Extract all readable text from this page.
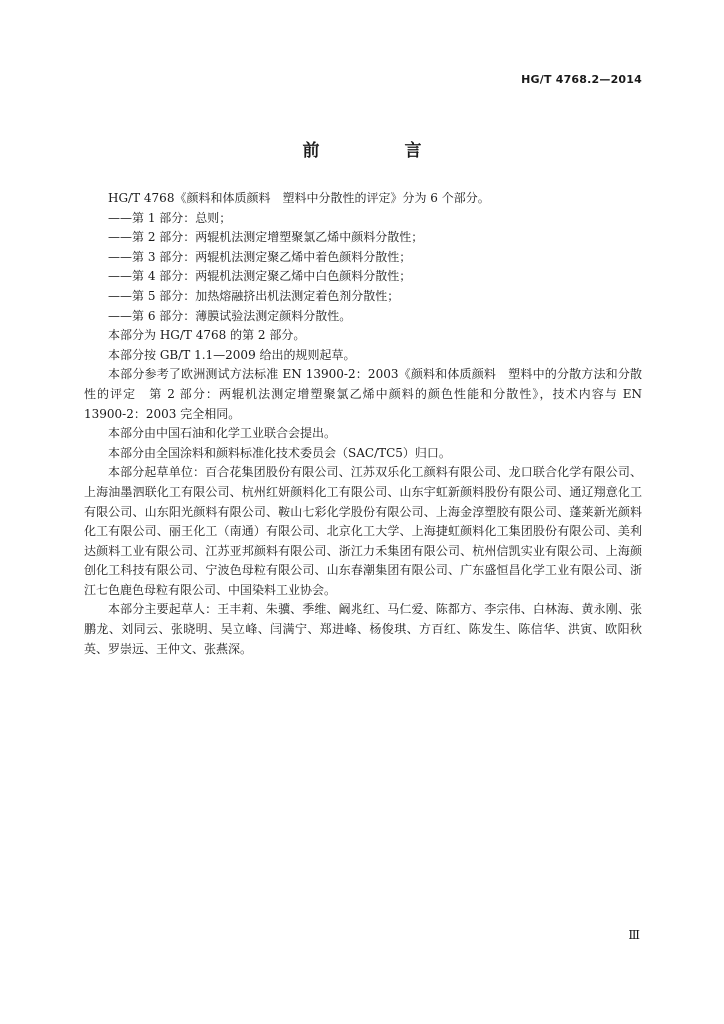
HG/T 4768.2—2014
前　言

HG/T 4768《颜料和体质颜料　塑料中分散性的评定》分为 6 个部分。

——第 1 部分：总则；

——第 2 部分：两辊机法测定增塑聚氯乙烯中颜料分散性；

——第 3 部分：两辊机法测定聚乙烯中着色颜料分散性；

——第 4 部分：两辊机法测定聚乙烯中白色颜料分散性；

——第 5 部分：加热熔融挤出机法测定着色剂分散性；

——第 6 部分：薄膜试验法测定颜料分散性。

本部分为 HG/T 4768 的第 2 部分。

本部分按 GB/T 1.1—2009 给出的规则起草。

本部分参考了欧洲测试方法标准 EN 13900-2：2003《颜料和体质颜料　塑料中的分散方法和分散性的评定　第 2 部分：两辊机法测定增塑聚氯乙烯中颜料的颜色性能和分散性》，技术内容与 EN 13900-2：2003 完全相同。

本部分由中国石油和化学工业联合会提出。

本部分由全国涂料和颜料标准化技术委员会（SAC/TC5）归口。

本部分起草单位：百合花集团股份有限公司、江苏双乐化工颜料有限公司、龙口联合化学有限公司、上海油墨泗联化工有限公司、杭州红妍颜料化工有限公司、山东宇虹新颜料股份有限公司、通辽翔意化工有限公司、山东阳光颜料有限公司、鞍山七彩化学股份有限公司、上海金淳塑胶有限公司、蓬莱新光颜料化工有限公司、丽王化工（南通）有限公司、北京化工大学、上海捷虹颜料化工集团股份有限公司、美利达颜料工业有限公司、江苏亚邦颜料有限公司、浙江力禾集团有限公司、杭州信凯实业有限公司、上海颜创化工科技有限公司、宁波色母粒有限公司、山东春潮集团有限公司、广东盛恒昌化学工业有限公司、浙江七色鹿色母粒有限公司、中国染料工业协会。

本部分主要起草人：王丰莉、朱骥、季维、阚兆红、马仁爱、陈都方、李宗伟、白林海、黄永刚、张鹏龙、刘同云、张晓明、吴立峰、闫满宁、郑进峰、杨俊琪、方百红、陈发生、陈信华、洪寅、欧阳秋英、罗崇远、王仲文、张燕深。

Ⅲ
